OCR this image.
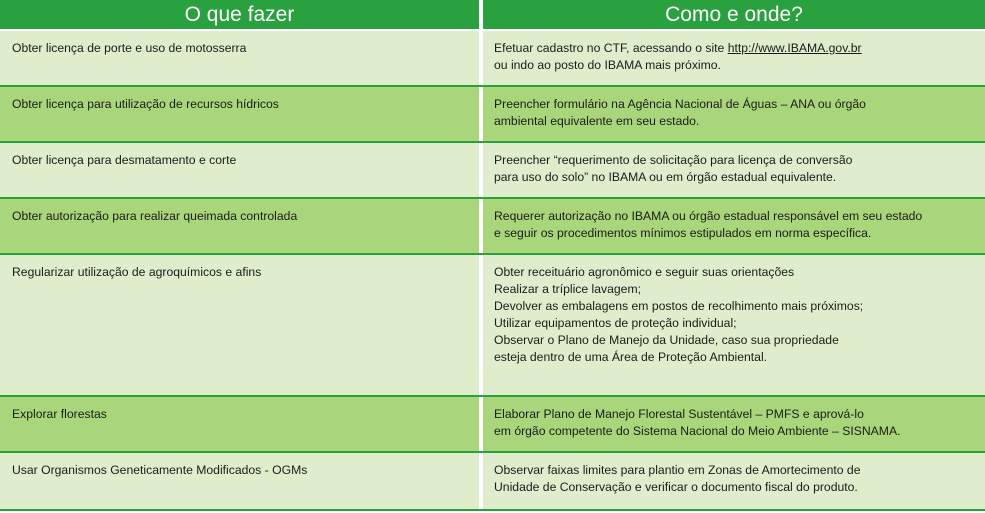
O que fazer	Como e onde?
Obter licença de porte e uso de motosserra	Efetuar cadastro no CTF, acessando o site http://www.IBAMA.gov.br
ou indo ao posto do IBAMA mais próximo.
Obter licença para utilização de recursos hídricos	Preencher formulário na Agência Nacional de Águas – ANA ou órgão
ambiental equivalente em seu estado.
Obter licença para desmatamento e corte	Preencher “requerimento de solicitação para licença de conversão
para uso do solo” no IBAMA ou em órgão estadual equivalente.
Obter autorização para realizar queimada controlada	Requerer autorização no IBAMA ou órgão estadual responsável em seu estado
e seguir os procedimentos mínimos estipulados em norma específica.
Regularizar utilização de agroquímicos e afins	Obter receituário agronômico e seguir suas orientações
Realizar a tríplice lavagem;
Devolver as embalagens em postos de recolhimento mais próximos;
Utilizar equipamentos de proteção individual;
Observar o Plano de Manejo da Unidade, caso sua propriedade
esteja dentro de uma Área de Proteção Ambiental.
Explorar florestas	Elaborar Plano de Manejo Florestal Sustentável – PMFS e aprová-lo
em órgão competente do Sistema Nacional do Meio Ambiente – SISNAMA.
Usar Organismos Geneticamente Modificados - OGMs	Observar faixas limites para plantio em Zonas de Amortecimento de
Unidade de Conservação e verificar o documento fiscal do produto.
